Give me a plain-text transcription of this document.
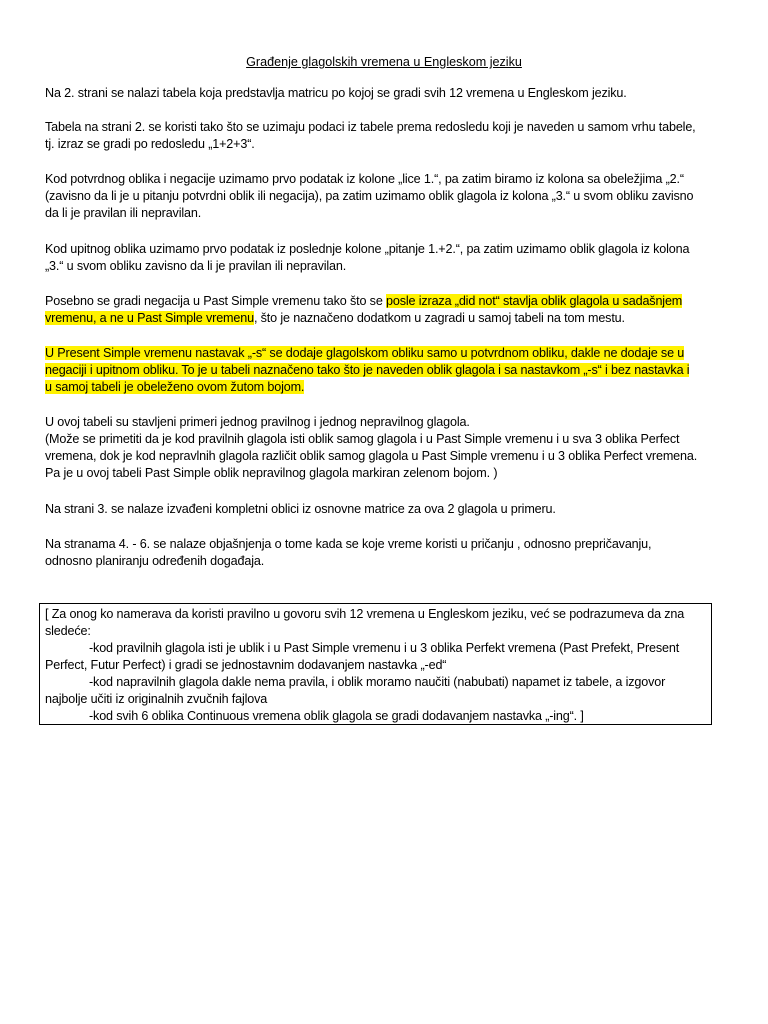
Građenje glagolskih vremena u Engleskom jeziku
Na 2. strani se nalazi tabela koja predstavlja matricu po kojoj se gradi svih 12 vremena u Engleskom jeziku.
Tabela na strani 2. se koristi tako što se uzimaju podaci iz tabele prema redosledu koji je naveden u samom vrhu tabele,
tj. izraz se gradi po redosledu „1+2+3“.
Kod potvrdnog oblika i negacije uzimamo prvo podatak iz kolone „lice 1.“, pa zatim biramo iz kolona sa obeležjima „2.“
(zavisno da li je u pitanju potvrdni oblik ili negacija), pa zatim uzimamo oblik glagola iz kolona „3.“ u svom obliku zavisno
da li je pravilan ili nepravilan.
Kod upitnog oblika uzimamo prvo podatak iz poslednje kolone „pitanje 1.+2.“, pa zatim uzimamo oblik glagola iz kolona
„3.“ u svom obliku zavisno da li je pravilan ili nepravilan.
Posebno se gradi negacija u Past Simple vremenu tako što se posle izraza „did not“ stavlja oblik glagola u sadašnjem
vremenu, a ne u Past Simple vremenu, što je naznačeno dodatkom u zagradi u samoj tabeli na tom mestu.
U Present Simple vremenu nastavak „-s“ se dodaje glagolskom obliku samo u potvrdnom obliku, dakle ne dodaje se u
negaciji i upitnom obliku. To je u tabeli naznačeno tako što je naveden oblik glagola i sa nastavkom „-s“ i bez nastavka i
u samoj tabeli je obeleženo ovom žutom bojom.
U ovoj tabeli su stavljeni primeri jednog pravilnog i jednog nepravilnog glagola.
(Može se primetiti da je kod pravilnih glagola isti oblik samog glagola i u Past Simple vremenu i u sva 3 oblika Perfect
vremena, dok je kod nepravlnih glagola različit oblik samog glagola u Past Simple vremenu i u 3 oblika Perfect vremena.
Pa je u ovoj tabeli Past Simple oblik nepravilnog glagola markiran zelenom bojom. )
Na strani 3. se nalaze izvađeni kompletni oblici iz osnovne matrice za ova 2 glagola u primeru.
Na stranama 4. - 6. se nalaze objašnjenja o tome kada se koje vreme koristi u pričanju , odnosno prepričavanju,
odnosno planiranju određenih događaja.
[ Za onog ko namerava da koristi pravilno u govoru svih 12 vremena u Engleskom jeziku, već se podrazumeva da zna
sledeće:
-kod pravilnih glagola isti je ublik i u Past Simple vremenu i u 3 oblika Perfekt vremena (Past Prefekt, Present
Perfect, Futur Perfect) i gradi se jednostavnim dodavanjem nastavka „-ed“
-kod napravilnih glagola dakle nema pravila, i oblik moramo naučiti (nabubati) napamet iz tabele, a izgovor
najbolje učiti iz originalnih zvučnih fajlova
-kod svih 6 oblika Continuous vremena oblik glagola se gradi dodavanjem nastavka „-ing“. ]
